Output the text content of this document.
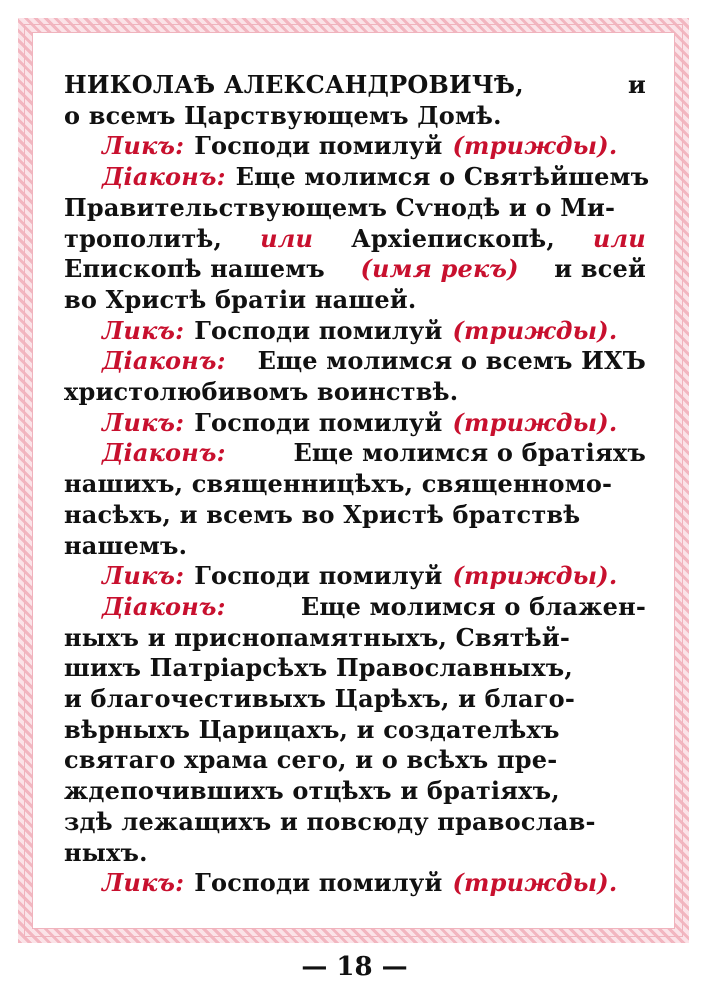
НИКОЛАѢ АЛЕКСАНДРОВИЧѢ,	и
о всемъ Царствующемъ Домѣ.
Ликъ: Господи помилуй (трижды).
Діаконъ: Еще молимся о Святѣйшемъ
Правительствующемъ Сѵнодѣ и о Ми-
трополитѣ, или Архіепископѣ, или
Епископѣ нашемъ (имя рекъ) и всей
во Христѣ братіи нашей.
Ликъ: Господи помилуй (трижды).
Діаконъ: Еще молимся о всемъ ИХЪ
христолюбивомъ воинствѣ.
Ликъ: Господи помилуй (трижды).
Діаконъ:	Еще молимся о братіяхъ
нашихъ, священницѣхъ, священномо-
насѣхъ, и всемъ во Христѣ братствѣ
нашемъ.
Ликъ: Господи помилуй (трижды).
Діаконъ:	Еще молимся о блажен-
ныхъ и приснопамятныхъ, Святѣй-
шихъ Патріарсѣхъ Православныхъ,
и благочестивыхъ Царѣхъ, и благо-
вѣрныхъ Царицахъ, и создателѣхъ
святаго храма сего, и о всѣхъ пре-
ждепочившихъ отцѣхъ и братіяхъ,
здѣ лежащихъ и повсюду православ-
ныхъ.
Ликъ: Господи помилуй (трижды).
— 18 —
